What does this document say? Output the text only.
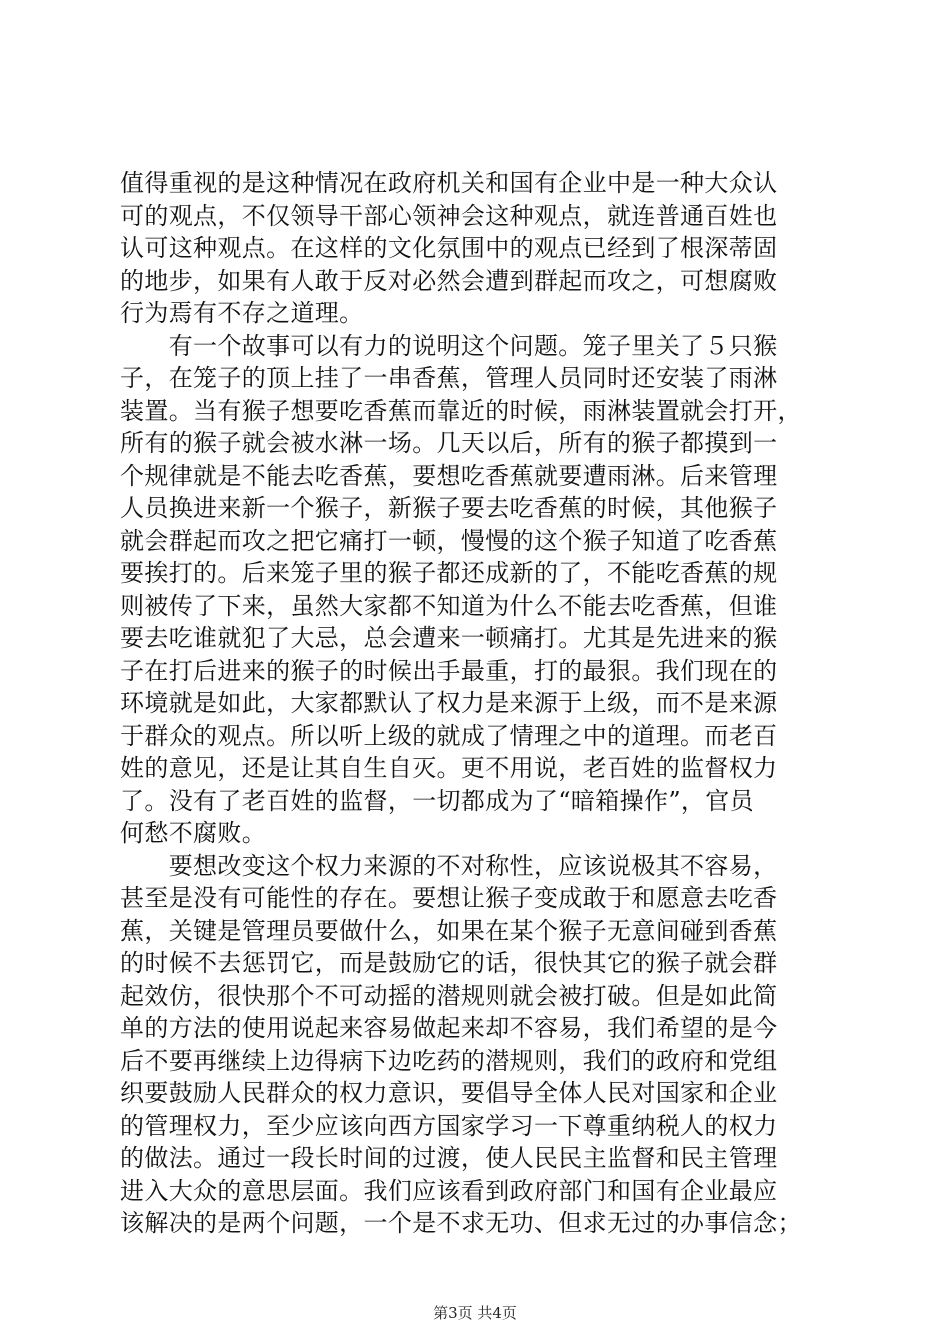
值得重视的是这种情况在政府机关和国有企业中是一种大众认
可的观点，不仅领导干部心领神会这种观点，就连普通百姓也
认可这种观点。在这样的文化氛围中的观点已经到了根深蒂固
的地步，如果有人敢于反对必然会遭到群起而攻之，可想腐败
行为焉有不存之道理。
　　有一个故事可以有力的说明这个问题。笼子里关了５只猴
子，在笼子的顶上挂了一串香蕉，管理人员同时还安装了雨淋
装置。当有猴子想要吃香蕉而靠近的时候，雨淋装置就会打开，
所有的猴子就会被水淋一场。几天以后，所有的猴子都摸到一
个规律就是不能去吃香蕉，要想吃香蕉就要遭雨淋。后来管理
人员换进来新一个猴子，新猴子要去吃香蕉的时候，其他猴子
就会群起而攻之把它痛打一顿，慢慢的这个猴子知道了吃香蕉
要挨打的。后来笼子里的猴子都还成新的了，不能吃香蕉的规
则被传了下来，虽然大家都不知道为什么不能去吃香蕉，但谁
要去吃谁就犯了大忌，总会遭来一顿痛打。尤其是先进来的猴
子在打后进来的猴子的时候出手最重，打的最狠。我们现在的
环境就是如此，大家都默认了权力是来源于上级，而不是来源
于群众的观点。所以听上级的就成了情理之中的道理。而老百
姓的意见，还是让其自生自灭。更不用说，老百姓的监督权力
了。没有了老百姓的监督，一切都成为了“暗箱操作”，官员
何愁不腐败。
　　要想改变这个权力来源的不对称性，应该说极其不容易，
甚至是没有可能性的存在。要想让猴子变成敢于和愿意去吃香
蕉，关键是管理员要做什么，如果在某个猴子无意间碰到香蕉
的时候不去惩罚它，而是鼓励它的话，很快其它的猴子就会群
起效仿，很快那个不可动摇的潜规则就会被打破。但是如此简
单的方法的使用说起来容易做起来却不容易，我们希望的是今
后不要再继续上边得病下边吃药的潜规则，我们的政府和党组
织要鼓励人民群众的权力意识，要倡导全体人民对国家和企业
的管理权力，至少应该向西方国家学习一下尊重纳税人的权力
的做法。通过一段长时间的过渡，使人民民主监督和民主管理
进入大众的意思层面。我们应该看到政府部门和国有企业最应
该解决的是两个问题，一个是不求无功、但求无过的办事信念；
第3页 共4页
